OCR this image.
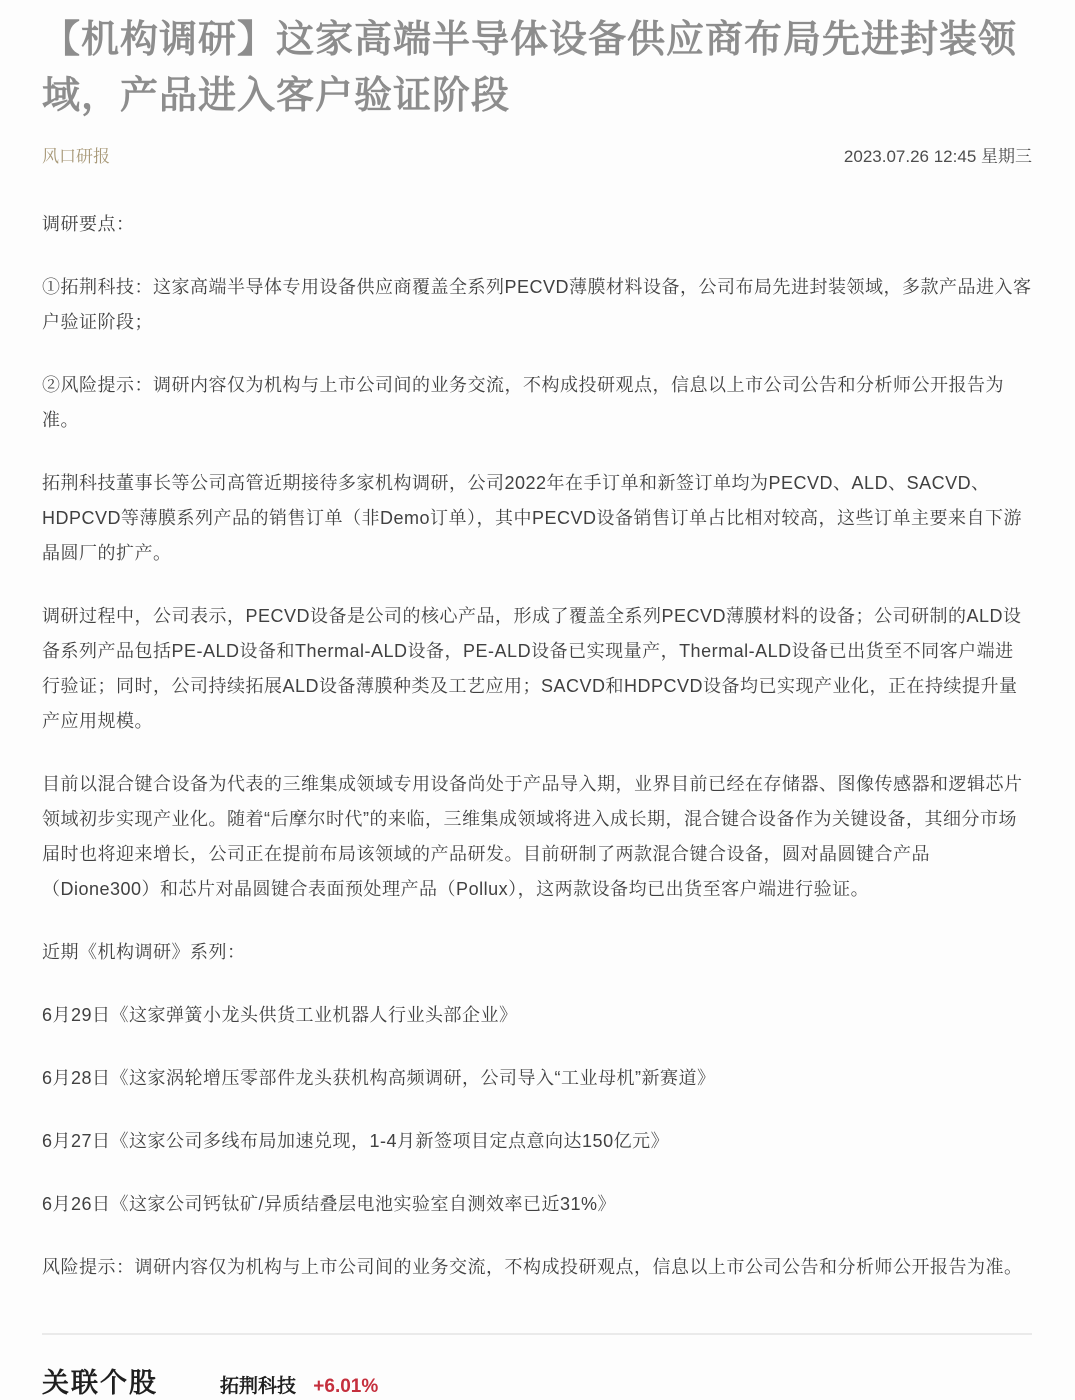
【机构调研】这家高端半导体设备供应商布局先进封装领域，产品进入客户验证阶段
风口研报	2023.07.26 12:45 星期三

调研要点：

①拓荆科技：这家高端半导体专用设备供应商覆盖全系列PECVD薄膜材料设备，公司布局先进封装领域，多款产品进入客户验证阶段；

②风险提示：调研内容仅为机构与上市公司间的业务交流，不构成投研观点，信息以上市公司公告和分析师公开报告为准。

拓荆科技董事长等公司高管近期接待多家机构调研，公司2022年在手订单和新签订单均为PECVD、ALD、SACVD、HDPCVD等薄膜系列产品的销售订单（非Demo订单），其中PECVD设备销售订单占比相对较高，这些订单主要来自下游晶圆厂的扩产。

调研过程中，公司表示，PECVD设备是公司的核心产品，形成了覆盖全系列PECVD薄膜材料的设备；公司研制的ALD设备系列产品包括PE-ALD设备和Thermal-ALD设备，PE-ALD设备已实现量产，Thermal-ALD设备已出货至不同客户端进行验证；同时，公司持续拓展ALD设备薄膜种类及工艺应用；SACVD和HDPCVD设备均已实现产业化，正在持续提升量产应用规模。

目前以混合键合设备为代表的三维集成领域专用设备尚处于产品导入期，业界目前已经在存储器、图像传感器和逻辑芯片领域初步实现产业化。随着“后摩尔时代”的来临，三维集成领域将进入成长期，混合键合设备作为关键设备，其细分市场届时也将迎来增长，公司正在提前布局该领域的产品研发。目前研制了两款混合键合设备，圆对晶圆键合产品（Dione300）和芯片对晶圆键合表面预处理产品（Pollux），这两款设备均已出货至客户端进行验证。

近期《机构调研》系列：

6月29日《这家弹簧小龙头供货工业机器人行业头部企业》

6月28日《这家涡轮增压零部件龙头获机构高频调研，公司导入“工业母机”新赛道》

6月27日《这家公司多线布局加速兑现，1-4月新签项目定点意向达150亿元》

6月26日《这家公司钙钛矿/异质结叠层电池实验室自测效率已近31%》

风险提示：调研内容仅为机构与上市公司间的业务交流，不构成投研观点，信息以上市公司公告和分析师公开报告为准。

关联个股	拓荆科技 +6.01%
